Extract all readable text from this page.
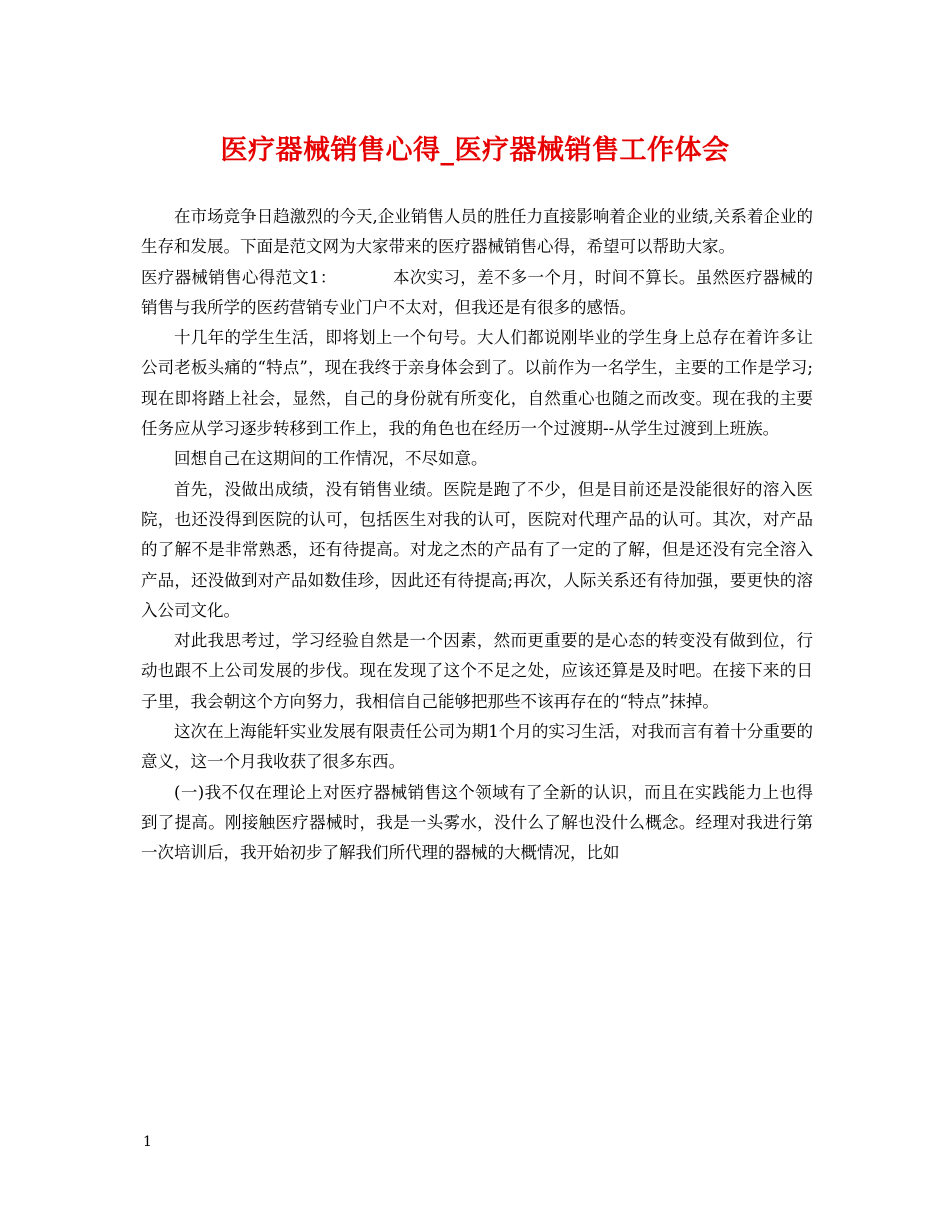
医疗器械销售心得_医疗器械销售工作体会

在市场竞争日趋激烈的今天,企业销售人员的胜任力直接影响着企业的业绩,关系着企业的生存和发展。下面是范文网为大家带来的医疗器械销售心得，希望可以帮助大家。

医疗器械销售心得范文1：	本次实习，差不多一个月，时间不算长。虽然医疗器械的销售与我所学的医药营销专业门户不太对，但我还是有很多的感悟。

十几年的学生生活，即将划上一个句号。大人们都说刚毕业的学生身上总存在着许多让公司老板头痛的“特点”，现在我终于亲身体会到了。以前作为一名学生，主要的工作是学习;现在即将踏上社会，显然，自己的身份就有所变化，自然重心也随之而改变。现在我的主要任务应从学习逐步转移到工作上，我的角色也在经历一个过渡期--从学生过渡到上班族。

回想自己在这期间的工作情况，不尽如意。

首先，没做出成绩，没有销售业绩。医院是跑了不少，但是目前还是没能很好的溶入医院，也还没得到医院的认可，包括医生对我的认可，医院对代理产品的认可。其次，对产品的了解不是非常熟悉，还有待提高。对龙之杰的产品有了一定的了解，但是还没有完全溶入产品，还没做到对产品如数佳珍，因此还有待提高;再次，人际关系还有待加强，要更快的溶入公司文化。

对此我思考过，学习经验自然是一个因素，然而更重要的是心态的转变没有做到位，行动也跟不上公司发展的步伐。现在发现了这个不足之处，应该还算是及时吧。在接下来的日子里，我会朝这个方向努力，我相信自己能够把那些不该再存在的“特点”抹掉。

这次在上海能轩实业发展有限责任公司为期1个月的实习生活，对我而言有着十分重要的意义，这一个月我收获了很多东西。

(一)我不仅在理论上对医疗器械销售这个领域有了全新的认识，而且在实践能力上也得到了提高。刚接触医疗器械时，我是一头雾水，没什么了解也没什么概念。经理对我进行第一次培训后，我开始初步了解我们所代理的器械的大概情况，比如

1
